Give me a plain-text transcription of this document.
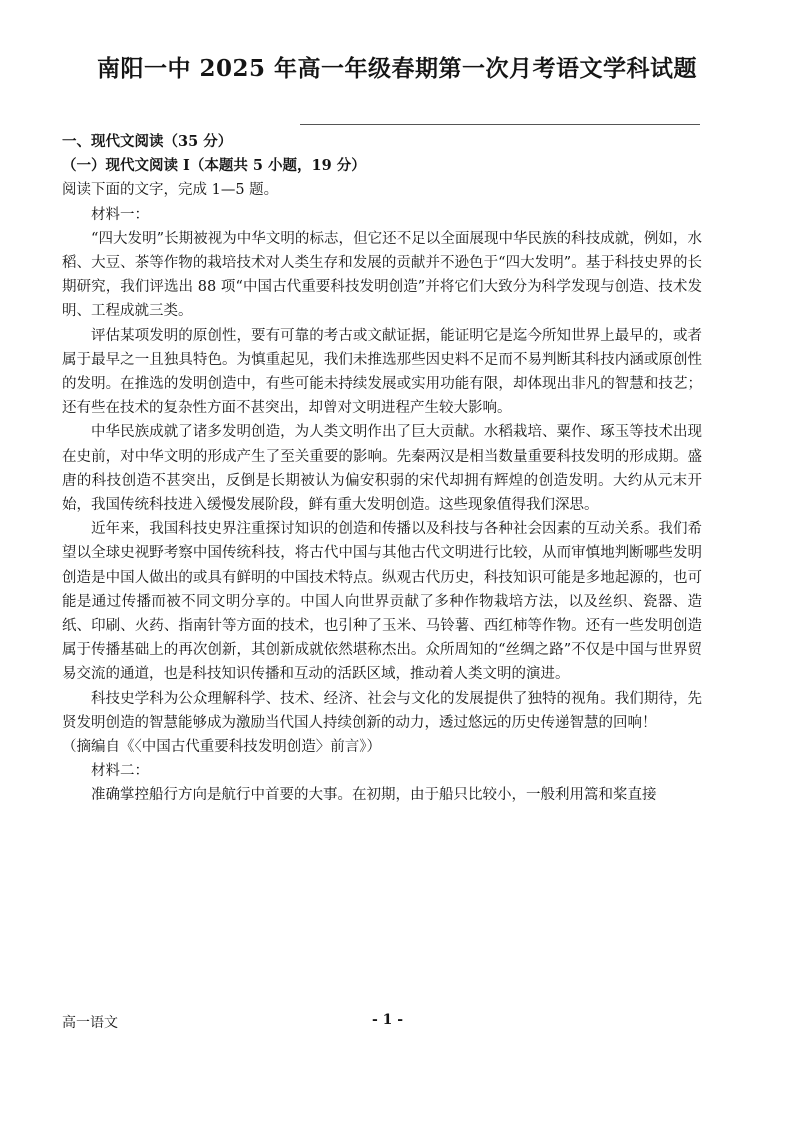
南阳一中 2025 年高一年级春期第一次月考语文学科试题

一、现代文阅读（35 分）

（一）现代文阅读 I（本题共 5 小题，19 分）

阅读下面的文字，完成 1—5 题。

材料一：

“四大发明”长期被视为中华文明的标志，但它还不足以全面展现中华民族的科技成就，例如，水稻、大豆、茶等作物的栽培技术对人类生存和发展的贡献并不逊色于“四大发明”。基于科技史界的长期研究，我们评选出 88 项“中国古代重要科技发明创造”并将它们大致分为科学发现与创造、技术发明、工程成就三类。

评估某项发明的原创性，要有可靠的考古或文献证据，能证明它是迄今所知世界上最早的，或者属于最早之一且独具特色。为慎重起见，我们未推选那些因史料不足而不易判断其科技内涵或原创性的发明。在推选的发明创造中，有些可能未持续发展或实用功能有限，却体现出非凡的智慧和技艺；还有些在技术的复杂性方面不甚突出，却曾对文明进程产生较大影响。

中华民族成就了诸多发明创造，为人类文明作出了巨大贡献。水稻栽培、粟作、琢玉等技术出现在史前，对中华文明的形成产生了至关重要的影响。先秦两汉是相当数量重要科技发明的形成期。盛唐的科技创造不甚突出，反倒是长期被认为偏安积弱的宋代却拥有辉煌的创造发明。大约从元末开始，我国传统科技进入缓慢发展阶段，鲜有重大发明创造。这些现象值得我们深思。

近年来，我国科技史界注重探讨知识的创造和传播以及科技与各种社会因素的互动关系。我们希望以全球史视野考察中国传统科技，将古代中国与其他古代文明进行比较，从而审慎地判断哪些发明创造是中国人做出的或具有鲜明的中国技术特点。纵观古代历史，科技知识可能是多地起源的，也可能是通过传播而被不同文明分享的。中国人向世界贡献了多种作物栽培方法，以及丝织、瓷器、造纸、印刷、火药、指南针等方面的技术，也引种了玉米、马铃薯、西红柿等作物。还有一些发明创造属于传播基础上的再次创新，其创新成就依然堪称杰出。众所周知的“丝绸之路”不仅是中国与世界贸易交流的通道，也是科技知识传播和互动的活跃区域，推动着人类文明的演进。

科技史学科为公众理解科学、技术、经济、社会与文化的发展提供了独特的视角。我们期待，先贤发明创造的智慧能够成为激励当代国人持续创新的动力，透过悠远的历史传递智慧的回响！

（摘编自《〈中国古代重要科技发明创造〉前言》）

材料二：

准确掌控船行方向是航行中首要的大事。在初期，由于船只比较小，一般利用篙和桨直接

高一语文	- 1 -
